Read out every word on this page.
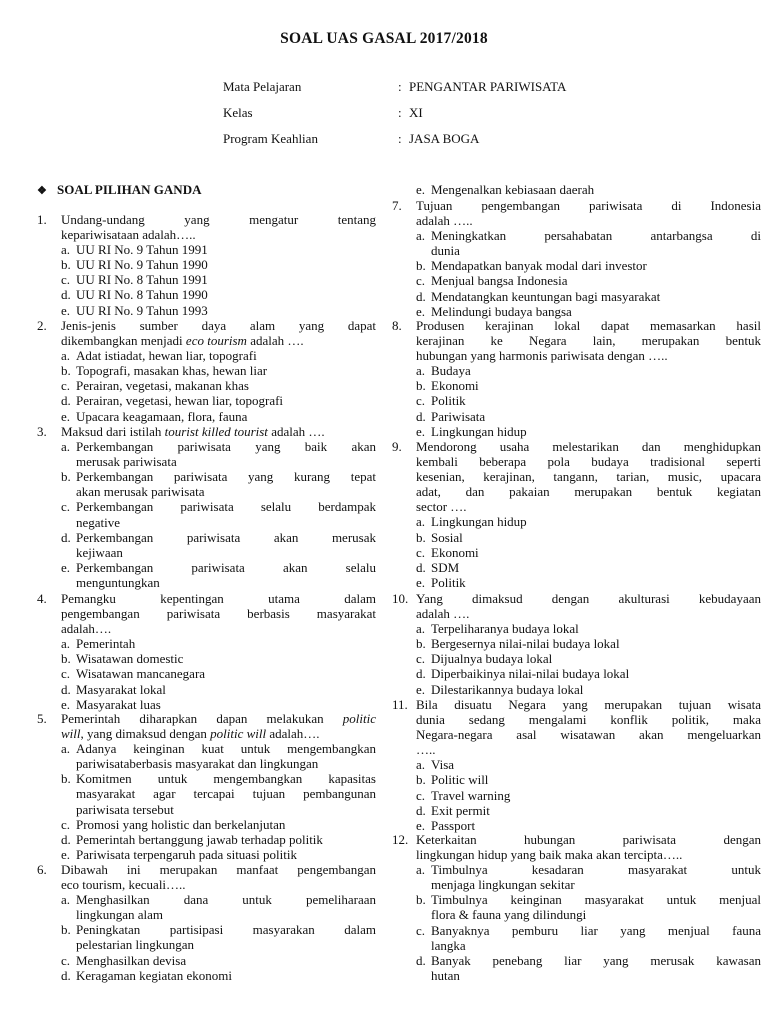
SOAL UAS GASAL 2017/2018
Mata Pelajaran	: PENGANTAR PARIWISATA
Kelas	: XI
Program Keahlian	: JASA BOGA
❖ SOAL PILIHAN GANDA
1. Undang-undang yang mengatur tentang
kepariwisataan adalah…..
a. UU RI No. 9 Tahun 1991
b. UU RI No. 9 Tahun 1990
c. UU RI No. 8 Tahun 1991
d. UU RI No. 8 Tahun 1990
e. UU RI No. 9 Tahun 1993
2. Jenis-jenis sumber daya alam yang dapat
dikembangkan menjadi eco tourism adalah ….
a. Adat istiadat, hewan liar, topografi
b. Topografi, masakan khas, hewan liar
c. Perairan, vegetasi, makanan khas
d. Perairan, vegetasi, hewan liar, topografi
e. Upacara keagamaan, flora, fauna
3. Maksud dari istilah tourist killed tourist adalah ….
a. Perkembangan pariwisata yang baik akan
merusak pariwisata
b. Perkembangan pariwisata yang kurang tepat
akan merusak pariwisata
c. Perkembangan pariwisata selalu berdampak
negative
d. Perkembangan pariwisata akan merusak
kejiwaan
e. Perkembangan pariwisata akan selalu
menguntungkan
4. Pemangku kepentingan utama dalam
pengembangan pariwisata berbasis masyarakat
adalah….
a. Pemerintah
b. Wisatawan domestic
c. Wisatawan mancanegara
d. Masyarakat lokal
e. Masyarakat luas
5. Pemerintah diharapkan dapan melakukan politic
will, yang dimaksud dengan politic will adalah….
a. Adanya keinginan kuat untuk mengembangkan
pariwisataberbasis masyarakat dan lingkungan
b. Komitmen untuk mengembangkan kapasitas
masyarakat agar tercapai tujuan pembangunan
pariwisata tersebut
c. Promosi yang holistic dan berkelanjutan
d. Pemerintah bertanggung jawab terhadap politik
e. Pariwisata terpengaruh pada situasi politik
6. Dibawah ini merupakan manfaat pengembangan
eco tourism, kecuali…..
a. Menghasilkan dana untuk pemeliharaan
lingkungan alam
b. Peningkatan partisipasi masyarakan dalam
pelestarian lingkungan
c. Menghasilkan devisa
d. Keragaman kegiatan ekonomi
e. Mengenalkan kebiasaan daerah
7. Tujuan pengembangan pariwisata di Indonesia
adalah …..
a. Meningkatkan persahabatan antarbangsa di
dunia
b. Mendapatkan banyak modal dari investor
c. Menjual bangsa Indonesia
d. Mendatangkan keuntungan bagi masyarakat
e. Melindungi budaya bangsa
8. Produsen kerajinan lokal dapat memasarkan hasil
kerajinan ke Negara lain, merupakan bentuk
hubungan yang harmonis pariwisata dengan …..
a. Budaya
b. Ekonomi
c. Politik
d. Pariwisata
e. Lingkungan hidup
9. Mendorong usaha melestarikan dan menghidupkan
kembali beberapa pola budaya tradisional seperti
kesenian, kerajinan, tangann, tarian, music, upacara
adat, dan pakaian merupakan bentuk kegiatan
sector ….
a. Lingkungan hidup
b. Sosial
c. Ekonomi
d. SDM
e. Politik
10. Yang dimaksud dengan akulturasi kebudayaan
adalah ….
a. Terpeliharanya budaya lokal
b. Bergesernya nilai-nilai budaya lokal
c. Dijualnya budaya lokal
d. Diperbaikinya nilai-nilai budaya lokal
e. Dilestarikannya budaya lokal
11. Bila disuatu Negara yang merupakan tujuan wisata
dunia sedang mengalami konflik politik, maka
Negara-negara asal wisatawan akan mengeluarkan
…..
a. Visa
b. Politic will
c. Travel warning
d. Exit permit
e. Passport
12. Keterkaitan hubungan pariwisata dengan
lingkungan hidup yang baik maka akan tercipta…..
a. Timbulnya kesadaran masyarakat untuk
menjaga lingkungan sekitar
b. Timbulnya keinginan masyarakat untuk menjual
flora & fauna yang dilindungi
c. Banyaknya pemburu liar yang menjual fauna
langka
d. Banyak penebang liar yang merusak kawasan
hutan
